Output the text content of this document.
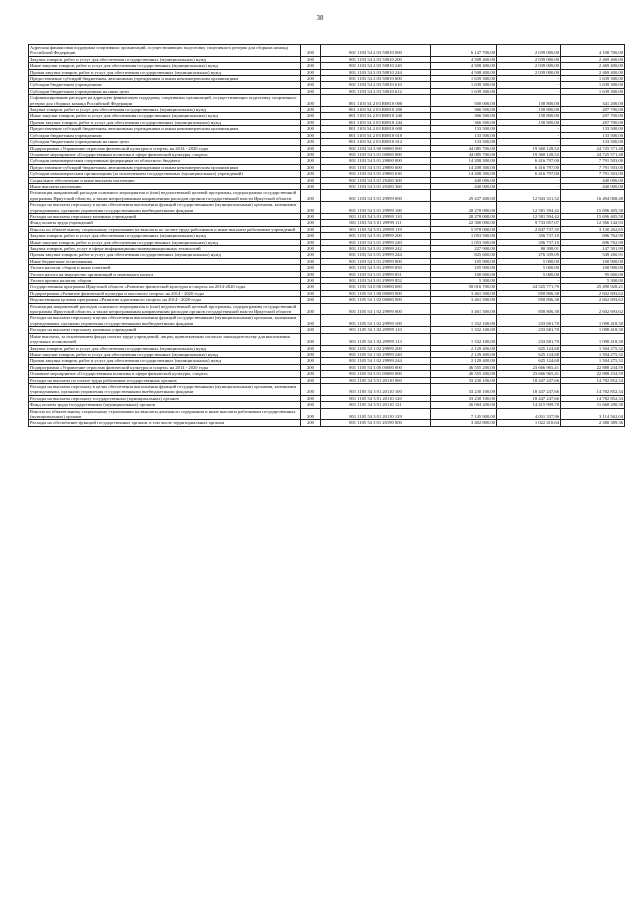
38
Адресная финансовая поддержка спортивных организаций, осуществляющих подготовку спортивного резерва для сборных команд Российской Федерации	200	801 1103 54 2 03 50810 000	6 147 700,00	2 039 000,00	4 108 700,00
Закупка товаров, работ и услуг для обеспечения государственных (муниципальных) нужд	200	801 1103 54 2 03 50810 200	4 508 400,00	2 039 000,00	2 469 400,00
Иные закупки товаров, работ и услуг для обеспечения государственных (муниципальных) нужд	200	801 1103 54 2 03 50810 240	4 508 400,00	2 039 000,00	2 469 400,00
Прочая закупка товаров, работ и услуг для обеспечения государственных (муниципальных) нужд	200	801 1103 54 2 03 50810 244	4 508 400,00	2 039 000,00	2 469 400,00
Предоставление субсидий бюджетным, автономным учреждениям и иным некоммерческим организациям	200	801 1103 54 2 03 50810 600	1 639 300,00	-	1 639 300,00
Субсидии бюджетным учреждениям	200	801 1103 54 2 03 50810 610	1 639 300,00	-	1 639 300,00
Субсидии бюджетным учреждениям на иные цели	200	801 1103 54 2 03 50810 612	1 639 300,00	-	1 639 300,00
Софинансирование расходов на адресную финансовую поддержку спортивных организаций, осуществляющих подготовку спортивного резерва для сборных команд Российской Федерации	200	801 1103 54 2 03 R0810 000	500 000,00	158 800,00	341 200,00
Закупка товаров, работ и услуг для обеспечения государственных (муниципальных) нужд	200	801 1103 54 2 03 R0810 200	366 500,00	158 800,00	207 700,00
Иные закупки товаров, работ и услуг для обеспечения государственных (муниципальных) нужд	200	801 1103 54 2 03 R0810 240	366 500,00	158 800,00	207 700,00
Прочая закупка товаров, работ и услуг для обеспечения государственных (муниципальных) нужд	200	801 1103 54 2 03 R0810 244	366 500,00	158 800,00	207 700,00
Предоставление субсидий бюджетным, автономным учреждениям и иным некоммерческим организациям	200	801 1103 54 2 03 R0810 600	133 500,00	-	133 500,00
Субсидии бюджетным учреждениям	200	801 1103 54 2 03 R0810 610	133 500,00	-	133 500,00
Субсидии бюджетным учреждениям на иные цели	200	801 1103 54 2 03 R0810 612	133 500,00	-	133 500,00
Подпрограмма «Управление отраслью физической культуры и спорта» на 2014 - 2020 годы	200	801 1103 54 3 00 00000 000	44 085 700,00	19 360 128,52	24 725 571,48
Основное мероприятие «Государственная политика в сфере физической культуры, спорта»	200	801 1103 54 3 01 00000 000	44 085 700,00	19 360 128,52	24 725 571,48
Субсидии некоммерческим спортивным федерациям из областного бюджета	200	801 1103 54 3 01 29800 000	14 208 300,00	6 416 797,00	7 791 503,00
Предоставление субсидий бюджетным, автономным учреждениям и иным некоммерческим организациям	200	801 1103 54 3 01 29800 600	14 208 300,00	6 416 797,00	7 791 503,00
Субсидии некоммерческим организациям (за исключением государственных (муниципальных) учреждений)	200	801 1103 54 3 01 29800 630	14 208 300,00	6 416 797,00	7 791 503,00
Социальное обеспечение и иные выплаты населению	200	801 1103 54 3 01 29200 300	440 000,00	-	440 000,00
Иные выплаты населению	200	801 1103 54 3 01 29200 360	440 000,00	-	440 000,00
Реализация направлений расходов основного мероприятия и (или) ведомственной целевой программы, подпрограммы государственной программы Иркутской области, а также непрограммным направлениям расходов органов государственной власти Иркутской области	200	801 1103 54 3 01 29999 000	29 437 400,00	12 943 331,52	16 494 068,48
Расходы на выплаты персоналу в целях обеспечения выполнения функций государственными (муниципальными) органами, казенными учреждениями, органами управления государственными внебюджетными фондами	200	801 1103 54 3 01 29999 100	28 278 000,00	12 581 594,42	15 696 405,58
Расходы на выплаты персоналу казенных учреждений	200	801 1103 54 3 01 29999 110	28 278 000,00	12 581 594,42	15 696 405,58
Фонд оплаты труда учреждений	200	801 1103 54 3 01 29999 111	22 300 000,00	9 733 857,07	12 566 142,93
Взносы по обязательному социальному страхованию на выплаты по оплате труда работников и иные выплаты работникам учреждений	200	801 1103 54 3 01 29999 119	5 978 000,00	2 847 737,35	3 130 262,65
Закупка товаров, работ и услуг для обеспечения государственных (муниципальных) нужд	200	801 1103 54 3 01 29999 200	1 053 500,00	356 737,10	696 762,90
Иные закупки товаров, работ и услуг для обеспечения государственных (муниципальных) нужд	200	801 1103 54 3 01 29999 240	1 053 500,00	356 737,10	696 762,90
Закупка товаров, работ, услуг в сфере информационно-коммуникационных технологий	200	801 1103 54 3 01 29999 242	227 900,00	80 398,01	147 501,99
Прочая закупка товаров, работ и услуг для обеспечения государственных (муниципальных) нужд	200	801 1103 54 3 01 29999 244	825 600,00	276 339,09	549 260,91
Иные бюджетные ассигнования	200	801 1103 54 3 01 29999 800	105 900,00	5 000,00	100 900,00
Уплата налогов, сборов и иных платежей	200	801 1103 54 3 01 29999 850	105 900,00	5 000,00	100 900,00
Уплата налога на имущество организаций и земельного налога	200	801 1103 54 3 01 29999 851	100 600,00	5 000,00	95 600,00
Уплата прочих налогов, сборов	200	801 1103 54 3 01 29999 852	5 300,00	-	5 300,00
Государственная программа Иркутской области «Развитие физической культуры и спорта» на 2014-2020 годы	200	801 1105 54 0 00 00000 000	50 016 700,00	24 525 771,79	25 490 928,21
Подпрограмма «Развитие физической культуры и массового спорта» на 2014 - 2020 годы	200	801 1105 54 1 00 00000 000	3 461 500,00	858 806,38	2 602 693,62
Ведомственная целевая программа «Развитие адаптивного спорта» на 2014 - 2020 годы	200	801 1105 54 1 02 00000 000	3 461 500,00	858 806,38	2 602 693,62
Реализация направлений расходов основного мероприятия и (или) ведомственной целевой программы, подпрограммы государственной программы Иркутской области, а также непрограммным направлениям расходов органов государственной власти Иркутской области	200	801 1105 54 1 02 29999 000	3 461 500,00	858 806,38	2 602 693,62
Расходы на выплаты персоналу в целях обеспечения выполнения функций государственными (муниципальными) органами, казенными учреждениями, органами управления государственными внебюджетными фондами	200	801 1105 54 1 02 29999 100	1 332 100,00	233 681,70	1 098 418,30
Расходы на выплаты персоналу казенных учреждений	200	801 1105 54 1 02 29999 110	1 332 100,00	233 681,70	1 098 418,30
Иные выплаты, за исключением фонда оплаты труда учреждений, лицам, привлекаемым согласно законодательству для выполнения отдельных полномочий	200	801 1105 54 1 02 29999 113	1 332 100,00	233 681,70	1 098 418,30
Закупка товаров, работ и услуг для обеспечения государственных (муниципальных) нужд	200	801 1105 54 1 02 29999 200	2 129 400,00	625 124,68	1 504 275,32
Иные закупки товаров, работ и услуг для обеспечения государственных (муниципальных) нужд	200	801 1105 54 1 02 29999 240	2 129 400,00	625 124,68	1 504 275,32
Прочая закупка товаров, работ и услуг для обеспечения государственных (муниципальных) нужд	200	801 1105 54 1 02 29999 244	2 129 400,00	625 124,68	1 504 275,32
Подпрограмма «Управление отраслью физической культуры и спорта» на 2014 - 2020 годы	200	801 1105 54 3 00 00000 000	46 555 200,00	23 666 965,41	22 888 234,59
Основное мероприятие «Государственная политика в сфере физической культуры, спорта»	200	801 1105 54 3 01 00000 000	46 555 200,00	23 666 965,41	22 888 234,59
Расходы на выплаты по оплате труда работников государственных органов	200	801 1105 54 3 01 20110 000	33 230 100,00	18 447 247,66	14 782 852,34
Расходы на выплаты персоналу в целях обеспечения выполнения функций государственными (муниципальными) органами, казенными учреждениями, органами управления государственными внебюджетными фондами	200	801 1105 54 3 01 20110 100	33 230 100,00	18 447 247,66	14 782 852,34
Расходы на выплаты персоналу государственных (муниципальных) органов	200	801 1105 54 3 01 20110 120	33 230 100,00	18 447 247,66	14 782 852,34
Фонд оплаты труда государственных (муниципальных) органов	200	801 1105 54 3 01 20110 121	26 084 200,00	14 415 909,70	11 668 290,30
Взносы по обязательному социальному страхованию на выплаты денежного содержания и иные выплаты работникам государственных (муниципальных) органов	200	801 1105 54 3 01 20110 129	7 145 900,00	4 031 337,96	3 114 562,04
Расходы на обеспечение функций государственных органов, в том числе территориальных органов	200	801 1105 54 3 01 20190 000	3 402 800,00	1 022 410,64	2 380 389,36
